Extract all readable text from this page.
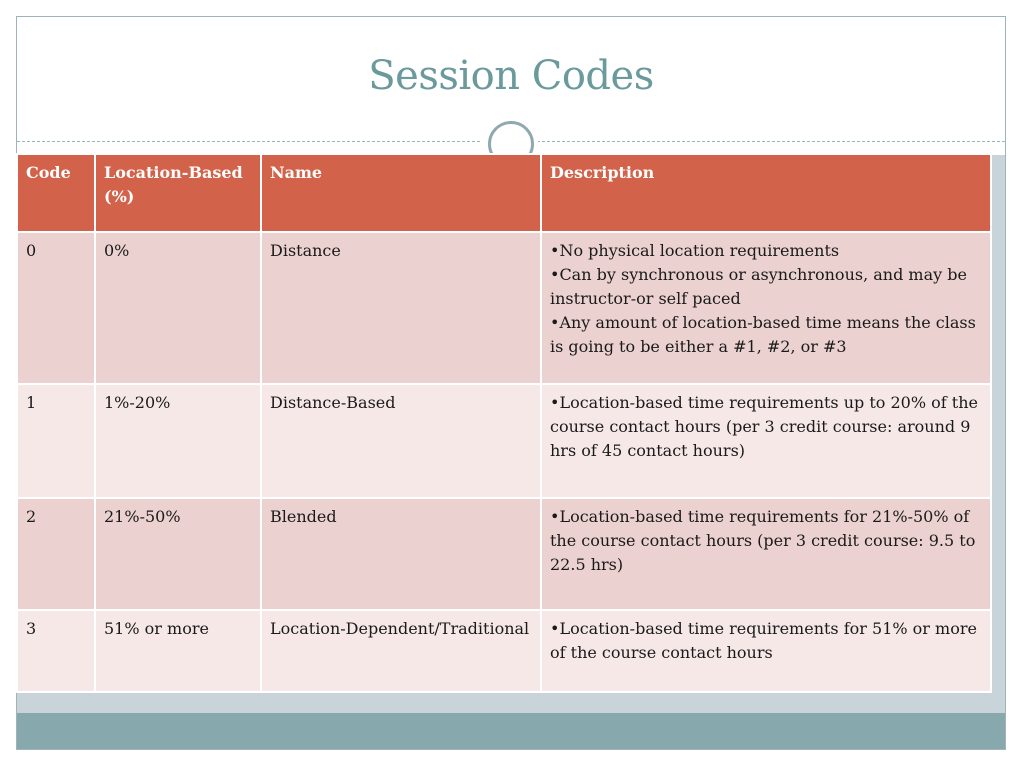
Session Codes
Code	Location-Based (%)	Name	Description
0	0%	Distance	•No physical location requirements
•Can by synchronous or asynchronous, and may be instructor-or self paced
•Any amount of location-based time means the class is going to be either a #1, #2, or #3

1	1%-20%	Distance-Based	•Location-based time requirements up to 20% of the course contact hours (per 3 credit course: around 9 hrs of 45 contact hours)

2	21%-50%	Blended	•Location-based time requirements for 21%-50% of the course contact hours (per 3 credit course: 9.5 to 22.5 hrs)

3	51% or more	Location-Dependent/Traditional	•Location-based time requirements for 51% or more of the course contact hours
